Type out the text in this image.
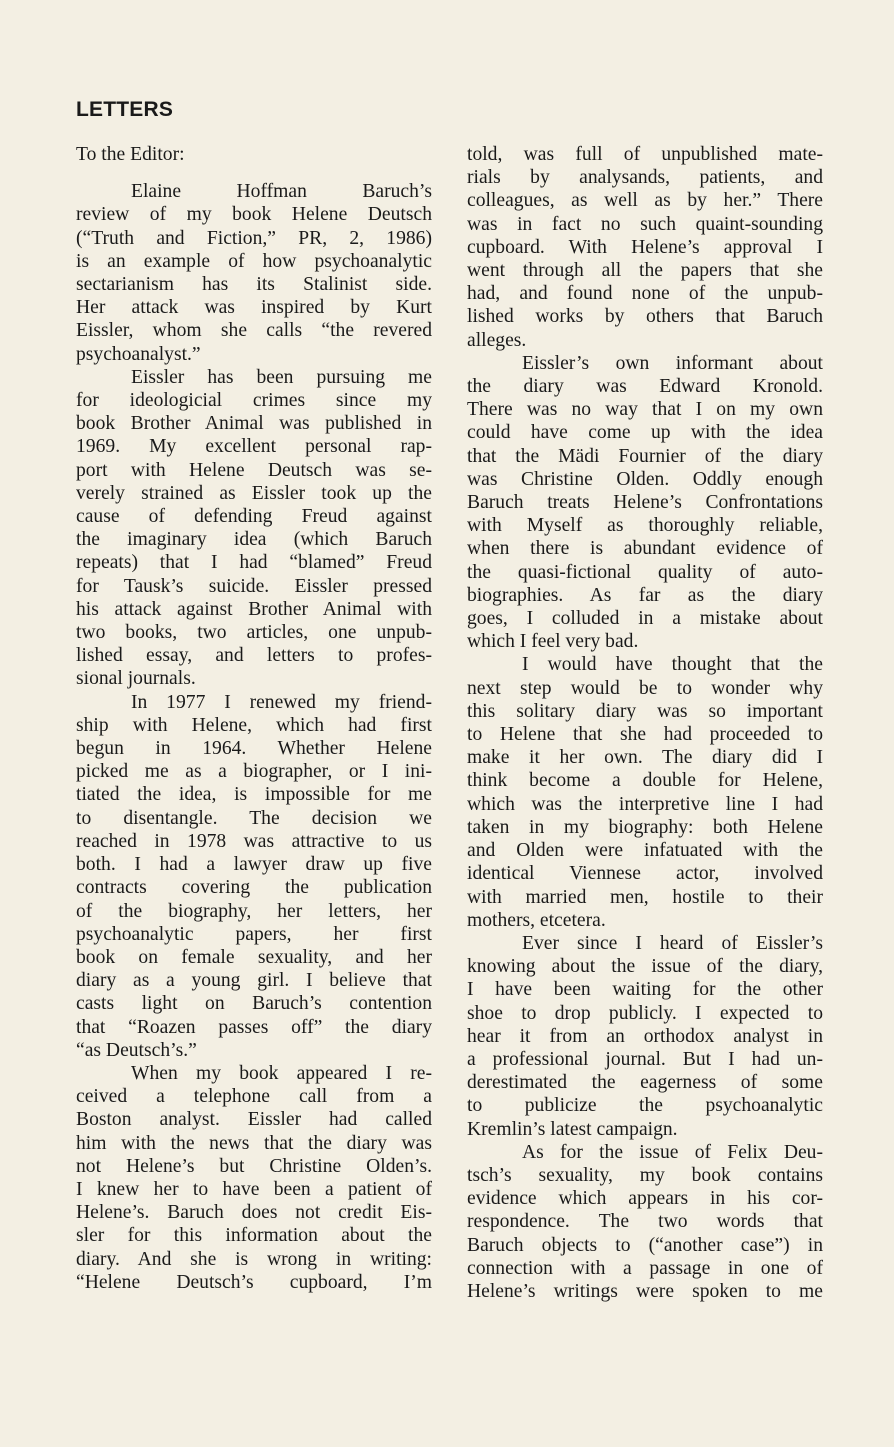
LETTERS
To the Editor:
Elaine Hoffman Baruch’s
review of my book Helene Deutsch
(“Truth and Fiction,” PR, 2, 1986)
is an example of how psychoanalytic
sectarianism has its Stalinist side.
Her attack was inspired by Kurt
Eissler, whom she calls “the revered
psychoanalyst.”
Eissler has been pursuing me
for ideologicial crimes since my
book Brother Animal was published in
1969. My excellent personal rap-
port with Helene Deutsch was se-
verely strained as Eissler took up the
cause of defending Freud against
the imaginary idea (which Baruch
repeats) that I had “blamed” Freud
for Tausk’s suicide. Eissler pressed
his attack against Brother Animal with
two books, two articles, one unpub-
lished essay, and letters to profes-
sional journals.
In 1977 I renewed my friend-
ship with Helene, which had first
begun in 1964. Whether Helene
picked me as a biographer, or I ini-
tiated the idea, is impossible for me
to disentangle. The decision we
reached in 1978 was attractive to us
both. I had a lawyer draw up five
contracts covering the publication
of the biography, her letters, her
psychoanalytic papers, her first
book on female sexuality, and her
diary as a young girl. I believe that
casts light on Baruch’s contention
that “Roazen passes off” the diary
“as Deutsch’s.”
When my book appeared I re-
ceived a telephone call from a
Boston analyst. Eissler had called
him with the news that the diary was
not Helene’s but Christine Olden’s.
I knew her to have been a patient of
Helene’s. Baruch does not credit Eis-
sler for this information about the
diary. And she is wrong in writing:
“Helene Deutsch’s cupboard, I’m
told, was full of unpublished mate-
rials by analysands, patients, and
colleagues, as well as by her.” There
was in fact no such quaint-sounding
cupboard. With Helene’s approval I
went through all the papers that she
had, and found none of the unpub-
lished works by others that Baruch
alleges.
Eissler’s own informant about
the diary was Edward Kronold.
There was no way that I on my own
could have come up with the idea
that the Mädi Fournier of the diary
was Christine Olden. Oddly enough
Baruch treats Helene’s Confrontations
with Myself as thoroughly reliable,
when there is abundant evidence of
the quasi-fictional quality of auto-
biographies. As far as the diary
goes, I colluded in a mistake about
which I feel very bad.
I would have thought that the
next step would be to wonder why
this solitary diary was so important
to Helene that she had proceeded to
make it her own. The diary did I
think become a double for Helene,
which was the interpretive line I had
taken in my biography: both Helene
and Olden were infatuated with the
identical Viennese actor, involved
with married men, hostile to their
mothers, etcetera.
Ever since I heard of Eissler’s
knowing about the issue of the diary,
I have been waiting for the other
shoe to drop publicly. I expected to
hear it from an orthodox analyst in
a professional journal. But I had un-
derestimated the eagerness of some
to publicize the psychoanalytic
Kremlin’s latest campaign.
As for the issue of Felix Deu-
tsch’s sexuality, my book contains
evidence which appears in his cor-
respondence. The two words that
Baruch objects to (“another case”) in
connection with a passage in one of
Helene’s writings were spoken to me
